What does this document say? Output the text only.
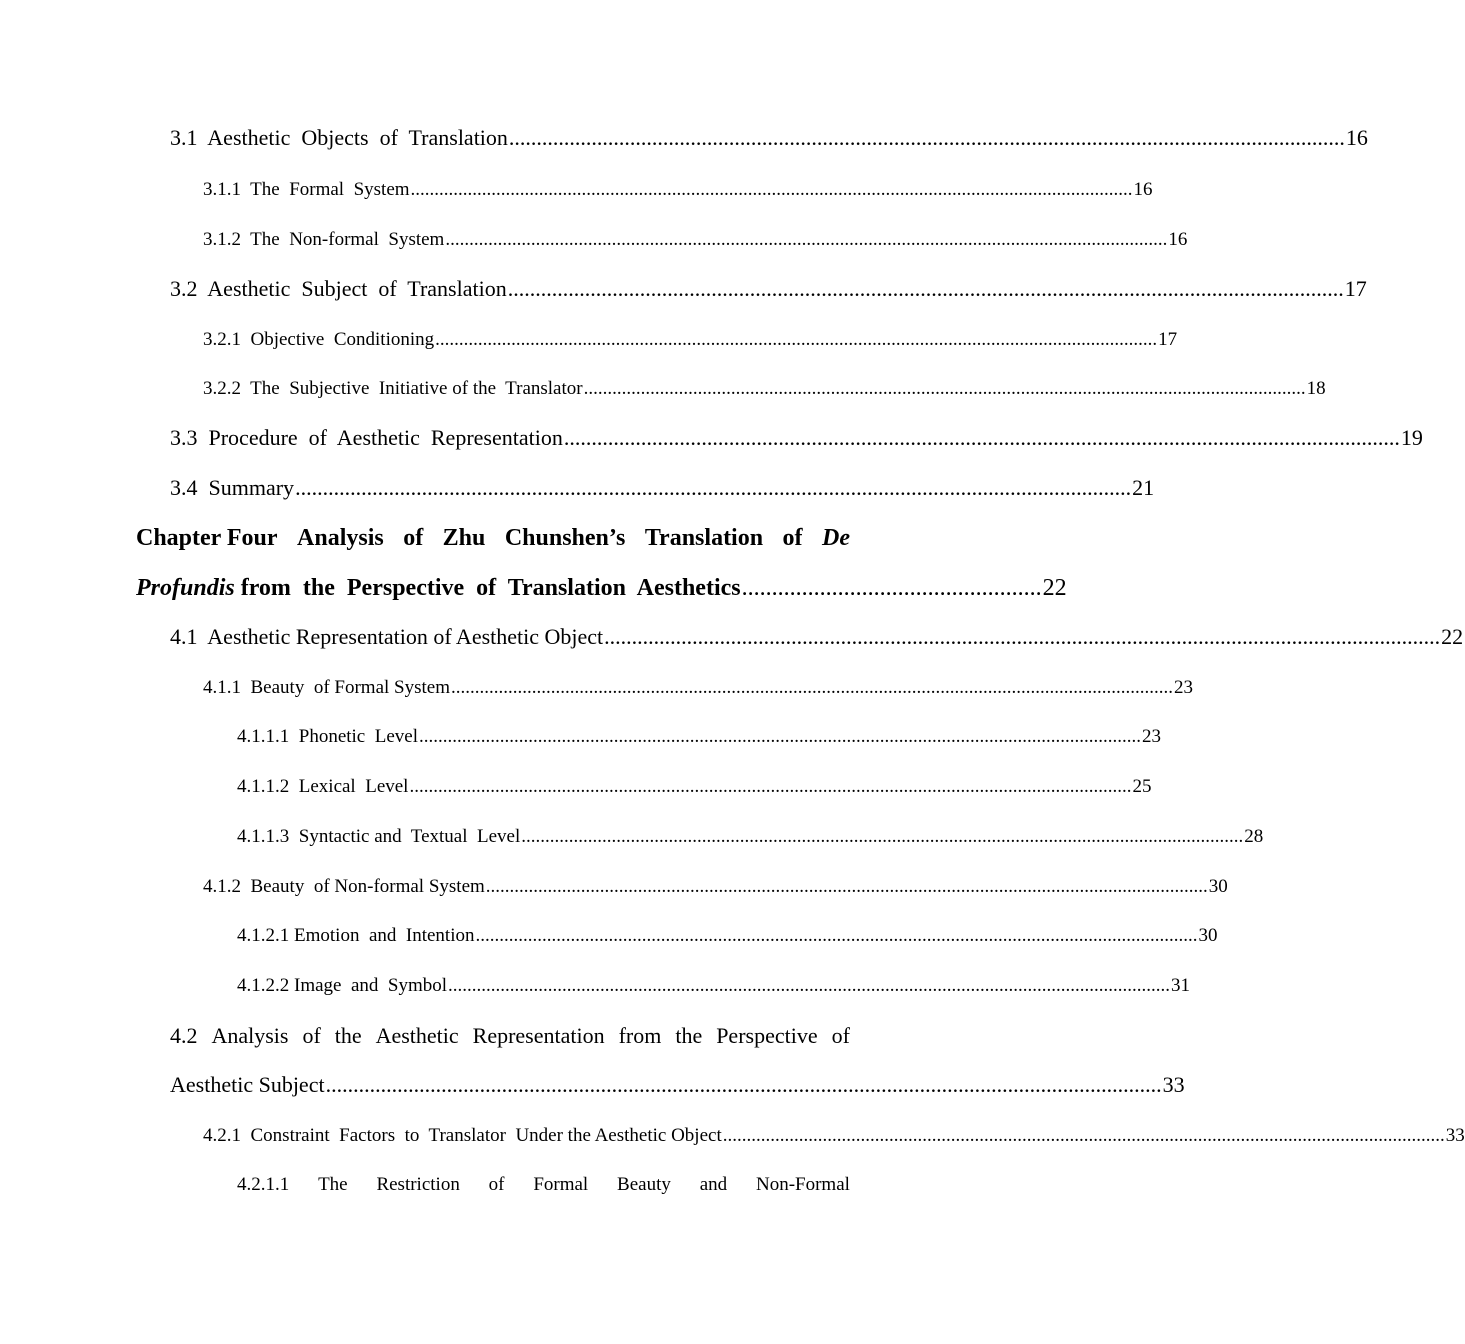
3.1  Aesthetic  Objects  of  Translation ........................................................................................................................................................ 16
3.1.1  The  Formal  System ........................................................................................................................................................ 16
3.1.2  The  Non-formal  System ........................................................................................................................................................ 16
3.2  Aesthetic  Subject  of  Translation ........................................................................................................................................................ 17
3.2.1  Objective  Conditioning ........................................................................................................................................................ 17
3.2.2  The  Subjective  Initiative of the  Translator ........................................................................................................................................................ 18
3.3  Procedure  of  Aesthetic  Representation ........................................................................................................................................................ 19
3.4  Summary ........................................................................................................................................................ 21
Chapter Four Analysis of Zhu Chunshen’s Translation of De
Profundis
from  the  Perspective  of  Translation  Aesthetics .................................................. 22
4.1  Aesthetic Representation of Aesthetic Object ........................................................................................................................................................ 22
4.1.1  Beauty  of Formal System ........................................................................................................................................................ 23
4.1.1.1  Phonetic  Level ........................................................................................................................................................ 23
4.1.1.2  Lexical  Level ........................................................................................................................................................ 25
4.1.1.3  Syntactic and  Textual  Level ........................................................................................................................................................ 28
4.1.2  Beauty  of Non-formal System ........................................................................................................................................................ 30
4.1.2.1 Emotion  and  Intention ........................................................................................................................................................ 30
4.1.2.2 Image  and  Symbol ........................................................................................................................................................ 31
4.2 Analysis of the Aesthetic Representation from the Perspective of
Aesthetic Subject ........................................................................................................................................................ 33
4.2.1  Constraint  Factors  to  Translator  Under the Aesthetic Object ........................................................................................................................................................ 33
4.2.1.1 The Restriction of Formal Beauty and Non-Formal
